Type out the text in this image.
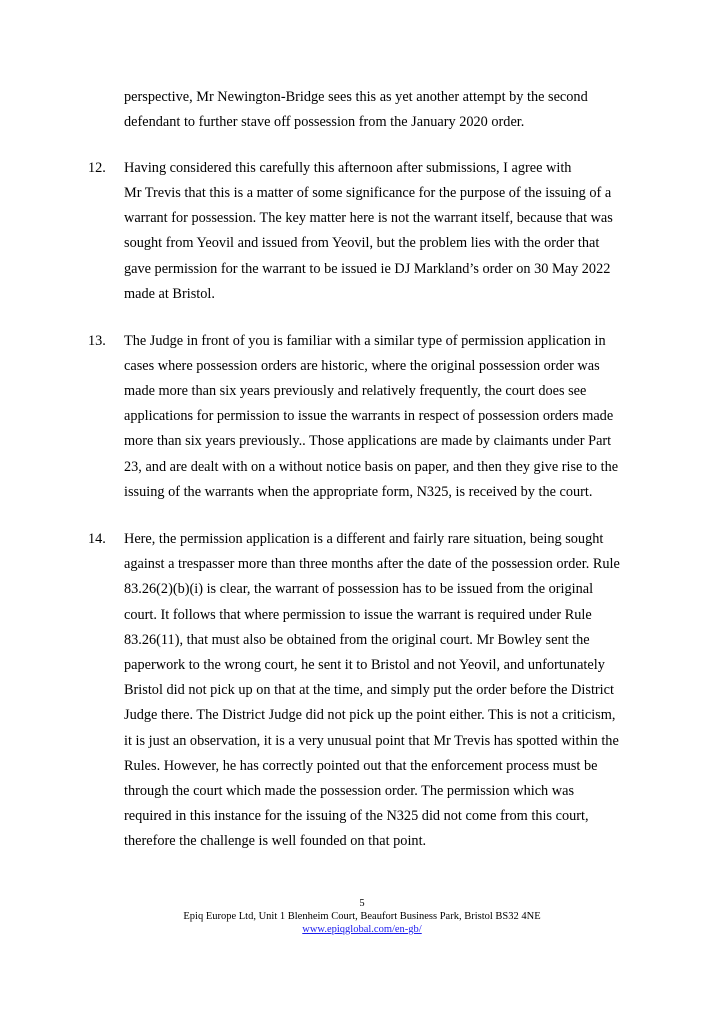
perspective, Mr Newington-Bridge sees this as yet another attempt by the second
defendant to further stave off possession from the January 2020 order.
12. Having considered this carefully this afternoon after submissions, I agree with
Mr Trevis that this is a matter of some significance for the purpose of the issuing of a
warrant for possession. The key matter here is not the warrant itself, because that was
sought from Yeovil and issued from Yeovil, but the problem lies with the order that
gave permission for the warrant to be issued ie DJ Markland’s order on 30 May 2022
made at Bristol.
13. The Judge in front of you is familiar with a similar type of permission application in
cases where possession orders are historic, where the original possession order was
made more than six years previously and relatively frequently, the court does see
applications for permission to issue the warrants in respect of possession orders made
more than six years previously.. Those applications are made by claimants under Part
23, and are dealt with on a without notice basis on paper, and then they give rise to the
issuing of the warrants when the appropriate form, N325, is received by the court.
14. Here, the permission application is a different and fairly rare situation, being sought
against a trespasser more than three months after the date of the possession order. Rule
83.26(2)(b)(i) is clear, the warrant of possession has to be issued from the original
court. It follows that where permission to issue the warrant is required under Rule
83.26(11), that must also be obtained from the original court. Mr Bowley sent the
paperwork to the wrong court, he sent it to Bristol and not Yeovil, and unfortunately
Bristol did not pick up on that at the time, and simply put the order before the District
Judge there. The District Judge did not pick up the point either. This is not a criticism,
it is just an observation, it is a very unusual point that Mr Trevis has spotted within the
Rules. However, he has correctly pointed out that the enforcement process must be
through the court which made the possession order. The permission which was
required in this instance for the issuing of the N325 did not come from this court,
therefore the challenge is well founded on that point.
5
Epiq Europe Ltd, Unit 1 Blenheim Court, Beaufort Business Park, Bristol BS32 4NE
www.epiqglobal.com/en-gb/
